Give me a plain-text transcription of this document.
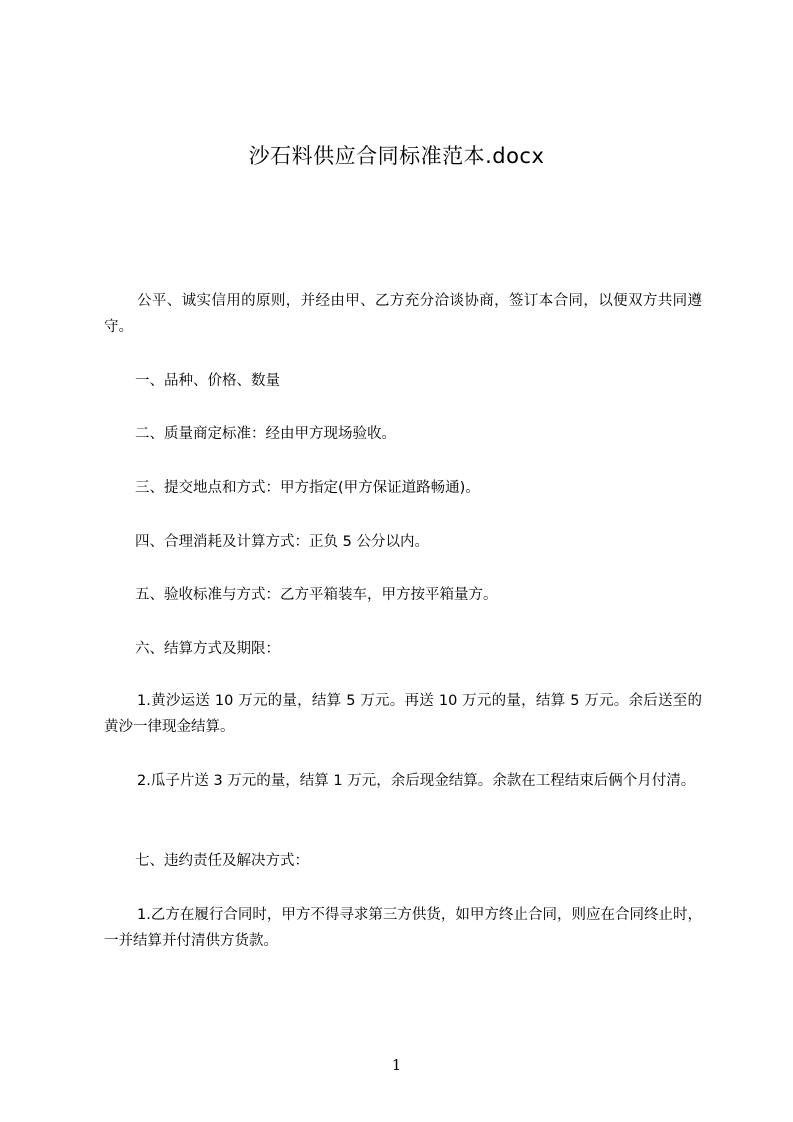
沙石料供应合同标准范本.docx
公平、诚实信用的原则，并经由甲、乙方充分洽谈协商，签订本合同，以便双方共同遵守。
一、品种、价格、数量
二、质量商定标准：经由甲方现场验收。
三、提交地点和方式：甲方指定(甲方保证道路畅通)。
四、合理消耗及计算方式：正负 5 公分以内。
五、验收标准与方式：乙方平箱装车，甲方按平箱量方。
六、结算方式及期限：
1.黄沙运送 10 万元的量，结算 5 万元。再送 10 万元的量，结算 5 万元。余后送至的黄沙一律现金结算。
2.瓜子片送 3 万元的量，结算 1 万元，余后现金结算。余款在工程结束后俩个月付清。
七、违约责任及解决方式：
1.乙方在履行合同时，甲方不得寻求第三方供货，如甲方终止合同，则应在合同终止时，一并结算并付清供方货款。
1
